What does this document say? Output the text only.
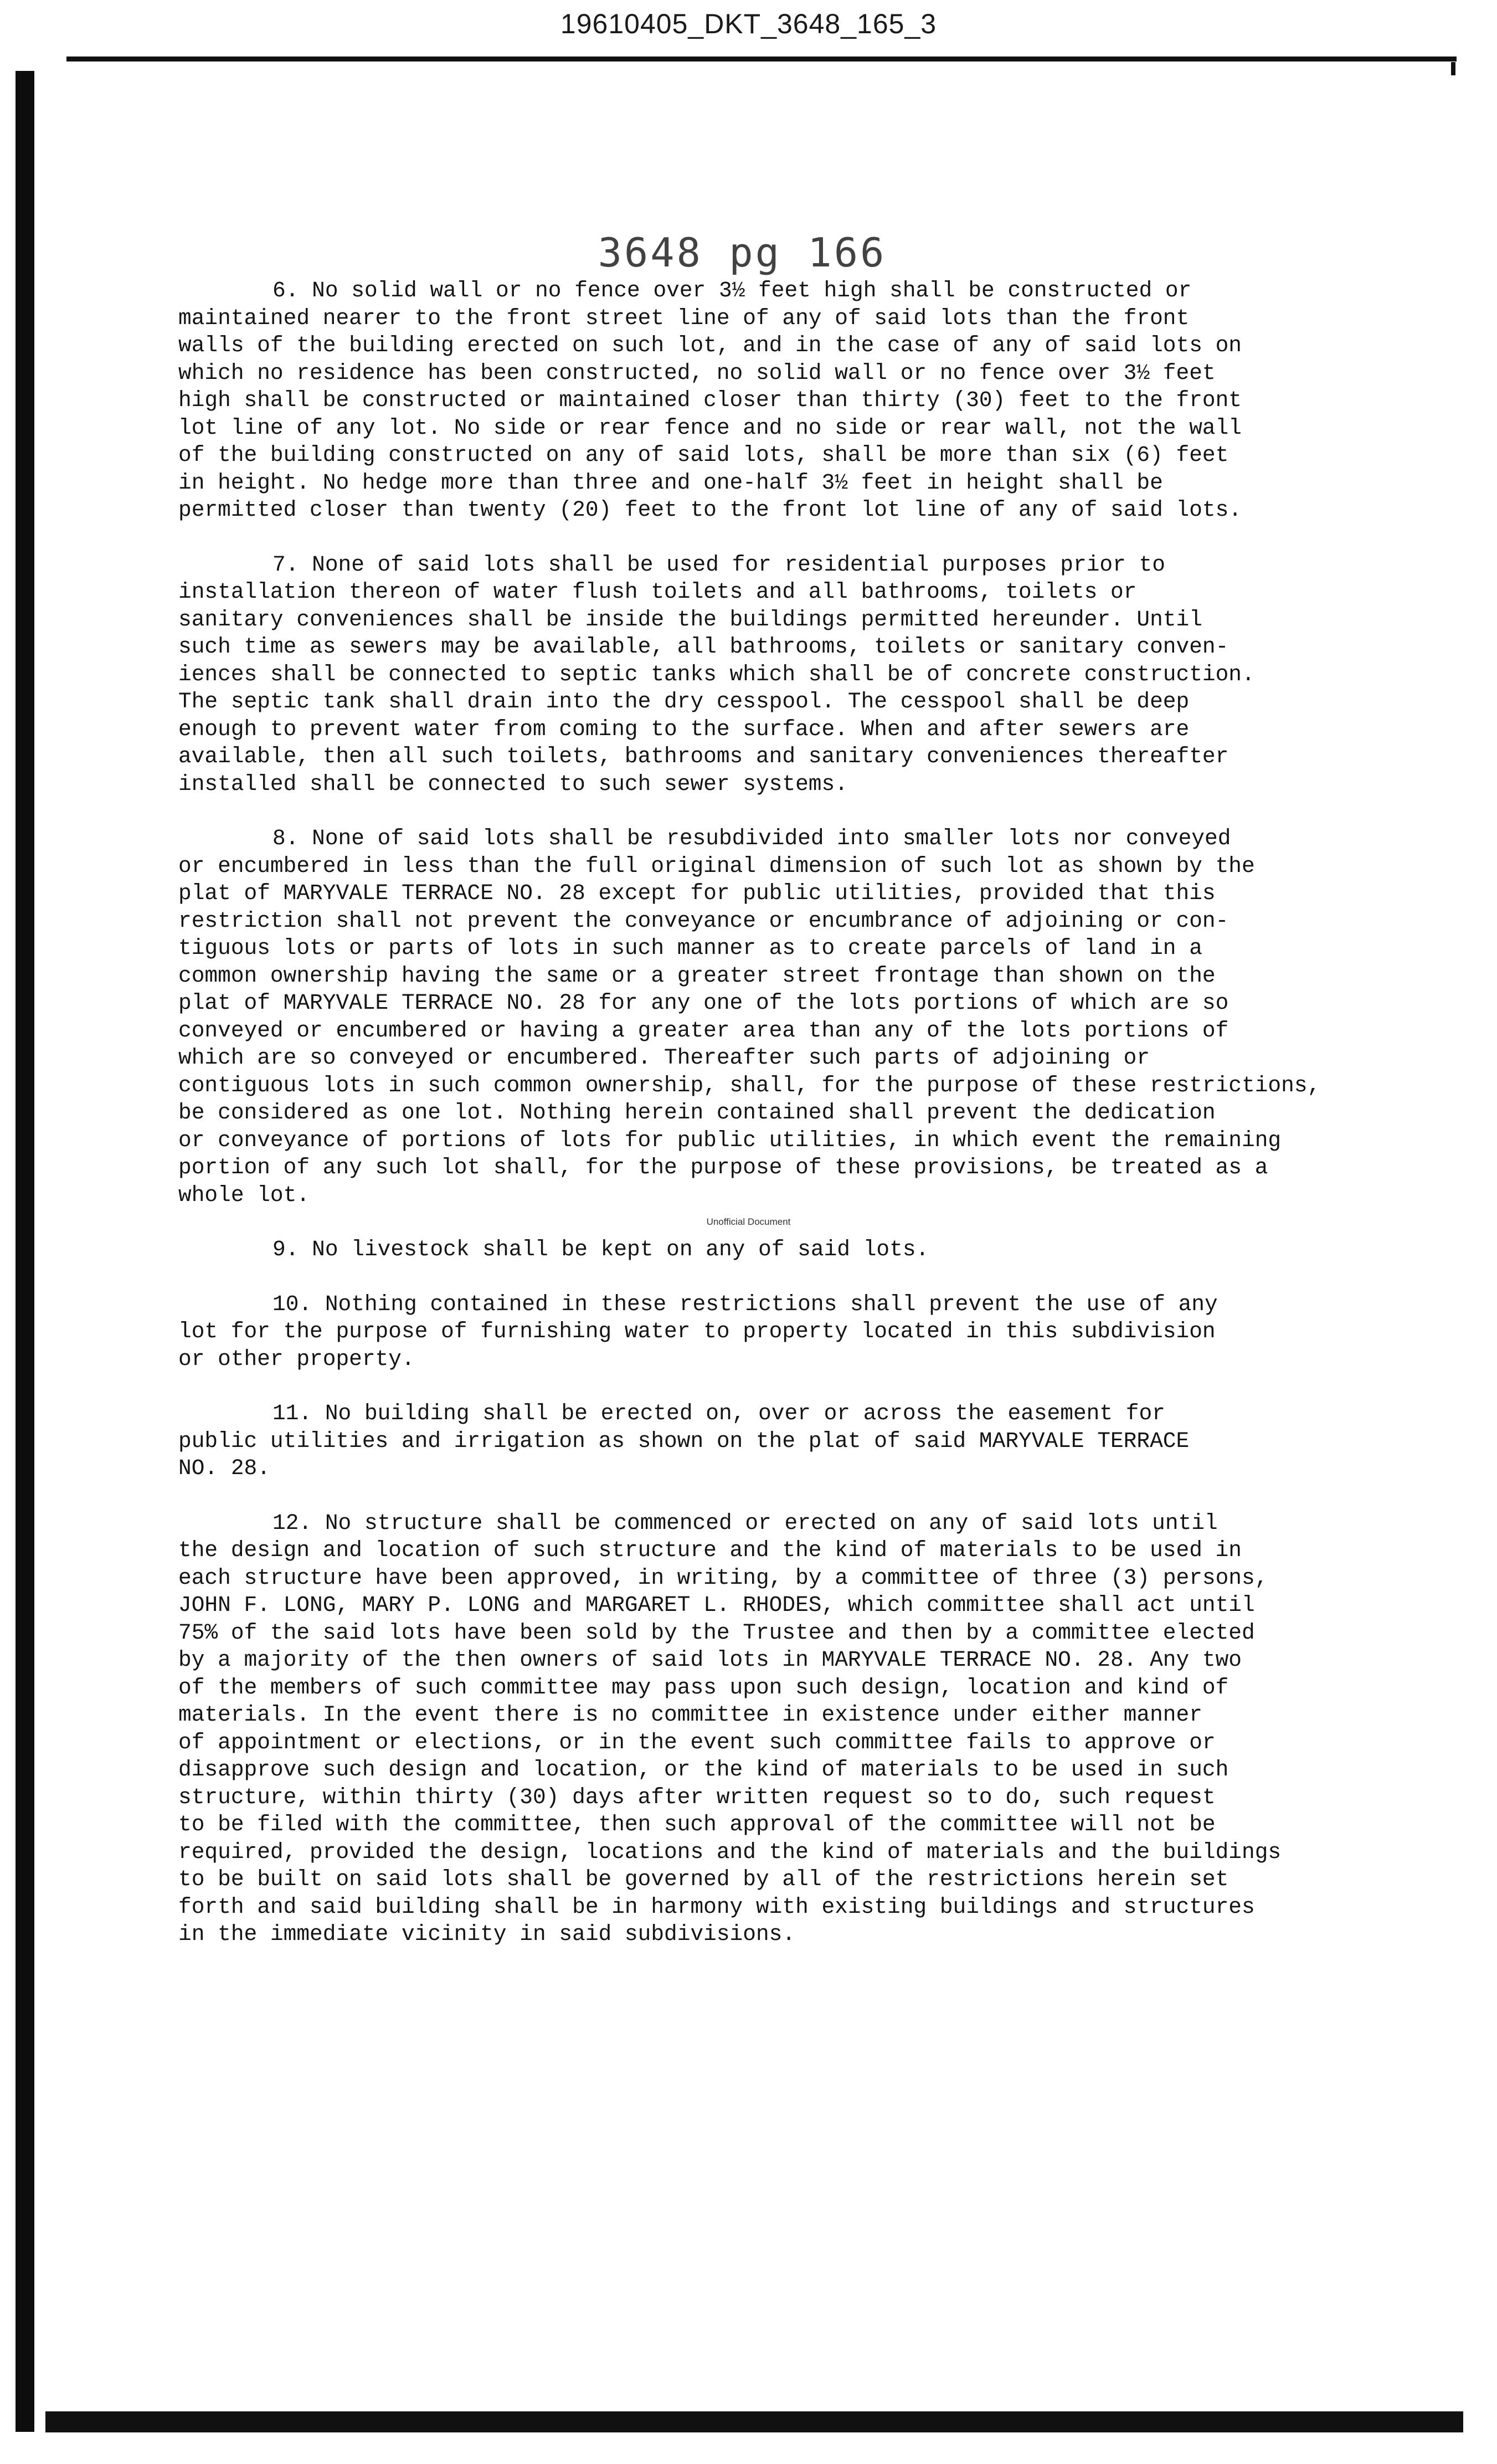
19610405_DKT_3648_165_3
3648 pg 166
6. No solid wall or no fence over 3½ feet high shall be constructed or
maintained nearer to the front street line of any of said lots than the front
walls of the building erected on such lot, and in the case of any of said lots on
which no residence has been constructed, no solid wall or no fence over 3½ feet
high shall be constructed or maintained closer than thirty (30) feet to the front
lot line of any lot. No side or rear fence and no side or rear wall, not the wall
of the building constructed on any of said lots, shall be more than six (6) feet
in height. No hedge more than three and one-half 3½ feet in height shall be
permitted closer than twenty (20) feet to the front lot line of any of said lots.
7. None of said lots shall be used for residential purposes prior to
installation thereon of water flush toilets and all bathrooms, toilets or
sanitary conveniences shall be inside the buildings permitted hereunder. Until
such time as sewers may be available, all bathrooms, toilets or sanitary conven-
iences shall be connected to septic tanks which shall be of concrete construction.
The septic tank shall drain into the dry cesspool. The cesspool shall be deep
enough to prevent water from coming to the surface. When and after sewers are
available, then all such toilets, bathrooms and sanitary conveniences thereafter
installed shall be connected to such sewer systems.
8. None of said lots shall be resubdivided into smaller lots nor conveyed
or encumbered in less than the full original dimension of such lot as shown by the
plat of MARYVALE TERRACE NO. 28 except for public utilities, provided that this
restriction shall not prevent the conveyance or encumbrance of adjoining or con-
tiguous lots or parts of lots in such manner as to create parcels of land in a
common ownership having the same or a greater street frontage than shown on the
plat of MARYVALE TERRACE NO. 28 for any one of the lots portions of which are so
conveyed or encumbered or having a greater area than any of the lots portions of
which are so conveyed or encumbered. Thereafter such parts of adjoining or
contiguous lots in such common ownership, shall, for the purpose of these restrictions,
be considered as one lot. Nothing herein contained shall prevent the dedication
or conveyance of portions of lots for public utilities, in which event the remaining
portion of any such lot shall, for the purpose of these provisions, be treated as a
whole lot.
9. No livestock shall be kept on any of said lots.
10. Nothing contained in these restrictions shall prevent the use of any
lot for the purpose of furnishing water to property located in this subdivision
or other property.
11. No building shall be erected on, over or across the easement for
public utilities and irrigation as shown on the plat of said MARYVALE TERRACE
NO. 28.
12. No structure shall be commenced or erected on any of said lots until
the design and location of such structure and the kind of materials to be used in
each structure have been approved, in writing, by a committee of three (3) persons,
JOHN F. LONG, MARY P. LONG and MARGARET L. RHODES, which committee shall act until
75% of the said lots have been sold by the Trustee and then by a committee elected
by a majority of the then owners of said lots in MARYVALE TERRACE NO. 28. Any two
of the members of such committee may pass upon such design, location and kind of
materials. In the event there is no committee in existence under either manner
of appointment or elections, or in the event such committee fails to approve or
disapprove such design and location, or the kind of materials to be used in such
structure, within thirty (30) days after written request so to do, such request
to be filed with the committee, then such approval of the committee will not be
required, provided the design, locations and the kind of materials and the buildings
to be built on said lots shall be governed by all of the restrictions herein set
forth and said building shall be in harmony with existing buildings and structures
in the immediate vicinity in said subdivisions.
Unofficial Document
